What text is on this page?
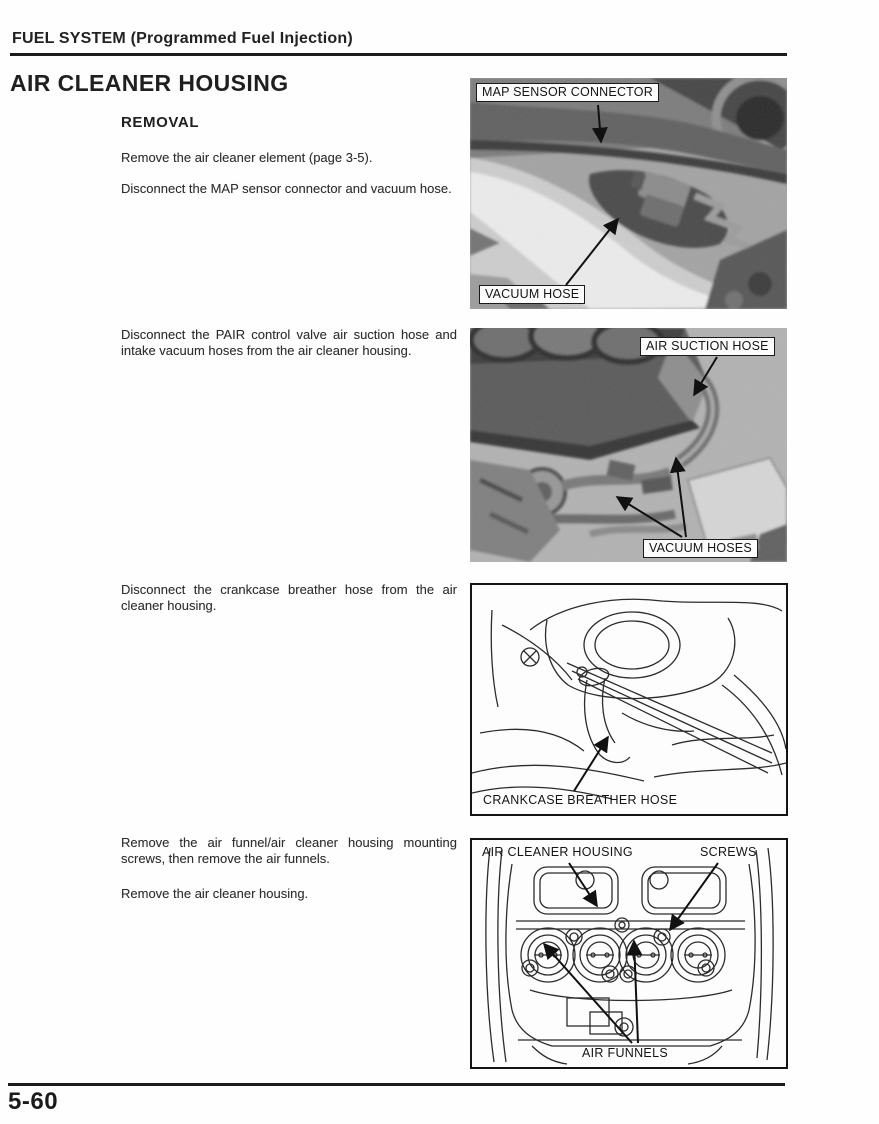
FUEL SYSTEM (Programmed Fuel Injection)
AIR CLEANER HOUSING
REMOVAL

Remove the air cleaner element (page 3-5).

Disconnect the MAP sensor connector and vacuum hose.

Disconnect the PAIR control valve air suction hose and intake vacuum hoses from the air cleaner housing.

Disconnect the crankcase breather hose from the air cleaner housing.

Remove the air funnel/air cleaner housing mounting screws, then remove the air funnels.

Remove the air cleaner housing.

MAP SENSOR CONNECTOR
VACUUM HOSE
AIR SUCTION HOSE
VACUUM HOSES
CRANKCASE BREATHER HOSE
AIR CLEANER HOUSING	SCREWS
AIR FUNNELS
5-60
